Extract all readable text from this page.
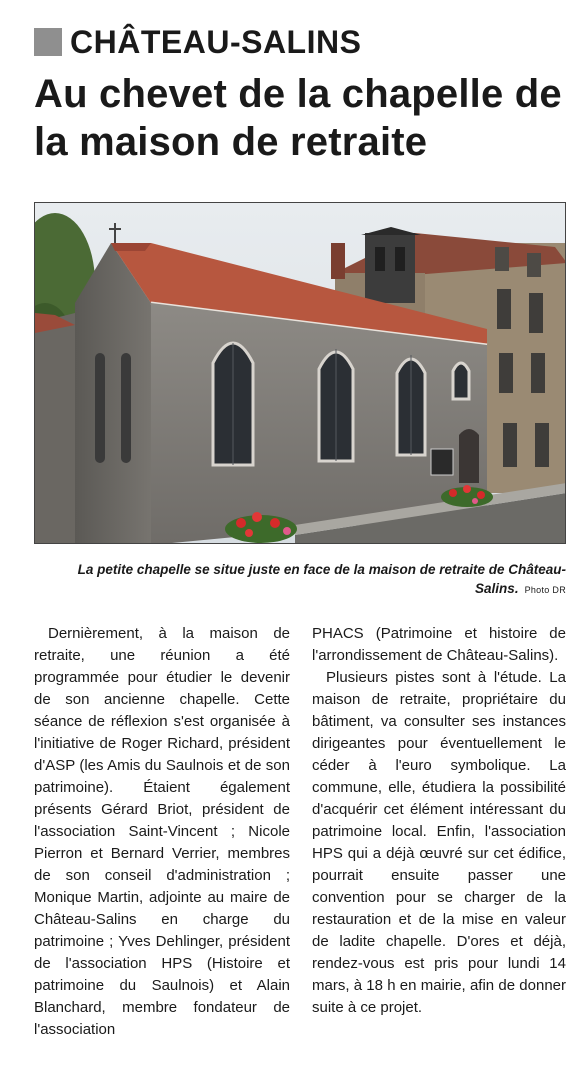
CHÂTEAU-SALINS
Au chevet de la chapelle de la maison de retraite
La petite chapelle se situe juste en face de la maison de retraite de Château-Salins. Photo DR

Dernièrement, à la maison de retraite, une réunion a été programmée pour étudier le devenir de son ancienne chapelle. Cette séance de réflexion s'est organisée à l'initiative de Roger Richard, président d'ASP (les Amis du Saulnois et de son patrimoine). Étaient également présents Gérard Briot, président de l'association Saint-Vincent ; Nicole Pierron et Bernard Verrier, membres de son conseil d'administration ; Monique Martin, adjointe au maire de Château-Salins en charge du patrimoine ; Yves Dehlinger, président de l'association HPS (Histoire et patrimoine du Saulnois) et Alain Blanchard, membre fondateur de l'association

PHACS (Patrimoine et histoire de l'arrondissement de Château-Salins).

Plusieurs pistes sont à l'étude. La maison de retraite, propriétaire du bâtiment, va consulter ses instances dirigeantes pour éventuellement le céder à l'euro symbolique. La commune, elle, étudiera la possibilité d'acquérir cet élément intéressant du patrimoine local. Enfin, l'association HPS qui a déjà œuvré sur cet édifice, pourrait ensuite passer une convention pour se charger de la restauration et de la mise en valeur de ladite chapelle. D'ores et déjà, rendez-vous est pris pour lundi 14 mars, à 18 h en mairie, afin de donner suite à ce projet.
